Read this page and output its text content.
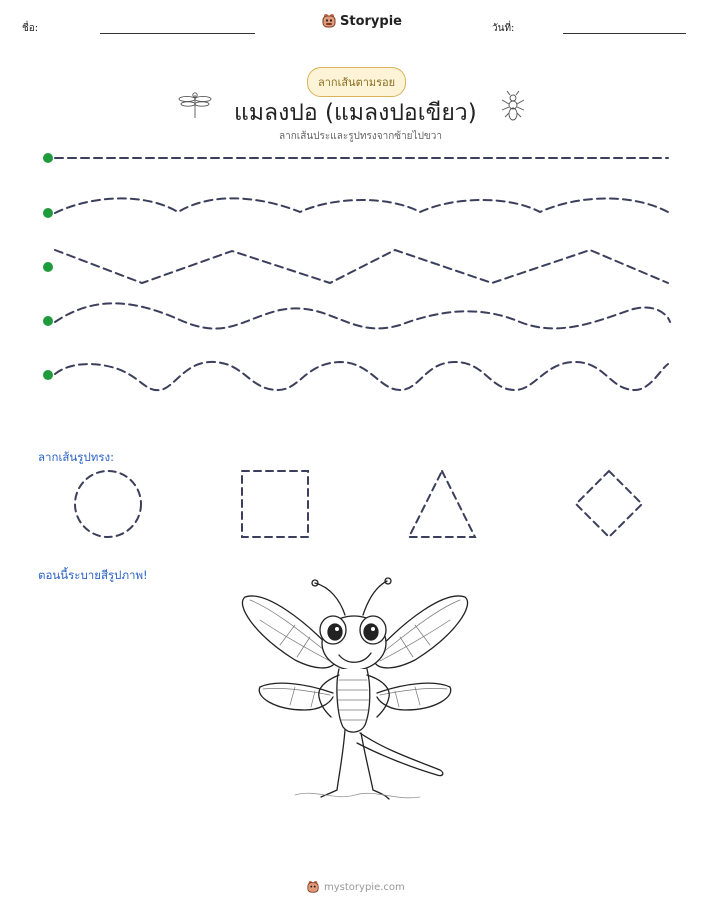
ชื่อ:	Storypie	วันที่:
ลากเส้นตามรอย
แมลงปอ (แมลงปอเขียว)
ลากเส้นประและรูปทรงจากซ้ายไปขวา
ลากเส้นรูปทรง:
ตอนนี้ระบายสีรูปภาพ!
mystorypie.com
